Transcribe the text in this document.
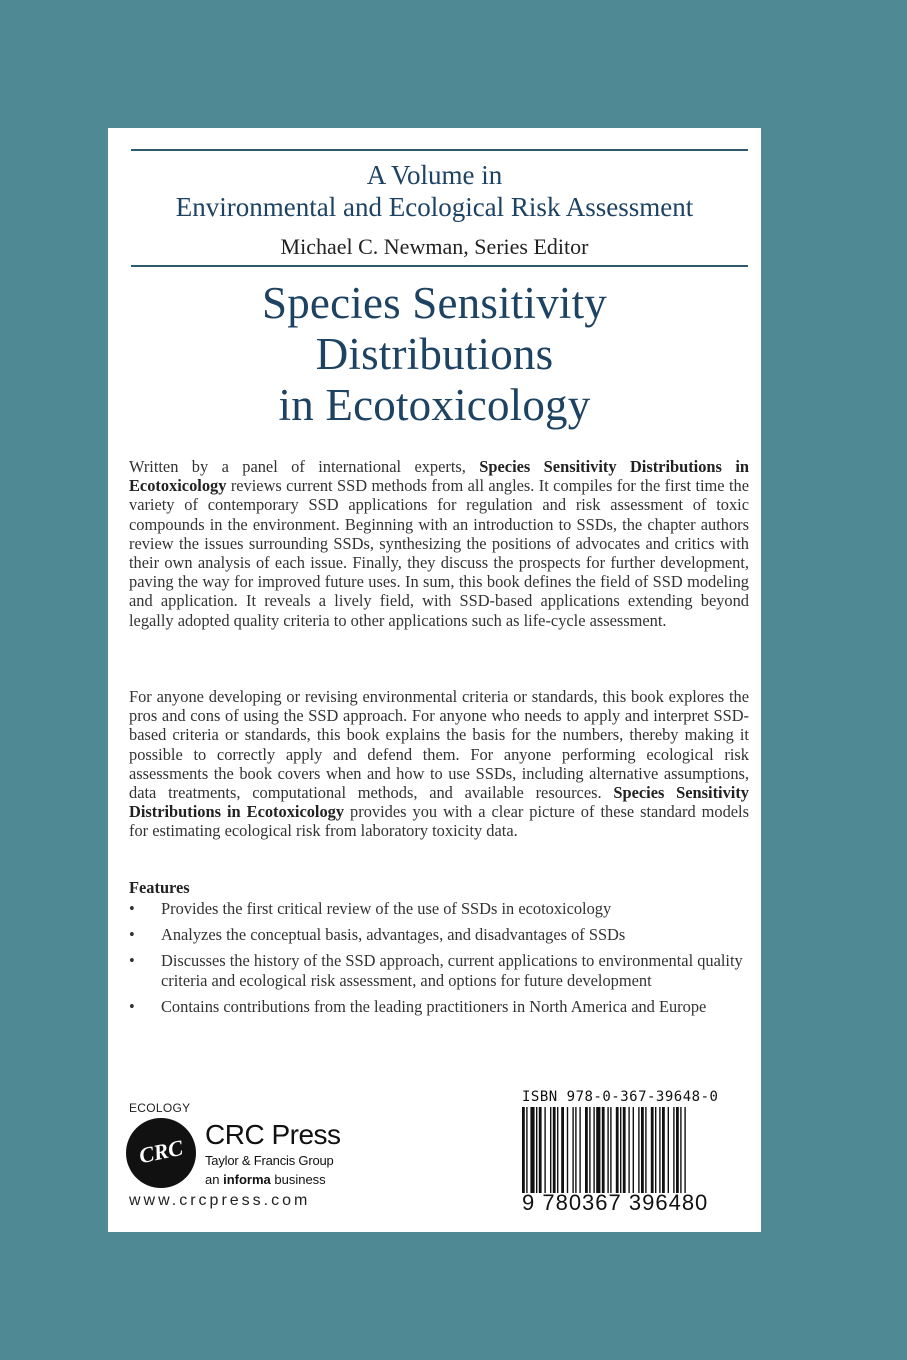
A Volume in
Environmental and Ecological Risk Assessment
Michael C. Newman, Series Editor
Species Sensitivity
Distributions
in Ecotoxicology
Written by a panel of international experts, Species Sensitivity Distributions in Ecotoxicology reviews current SSD methods from all angles. It compiles for the first time the variety of contemporary SSD applications for regulation and risk assessment of toxic compounds in the environment. Beginning with an introduction to SSDs, the chapter authors review the issues surrounding SSDs, synthesizing the positions of advocates and critics with their own analysis of each issue. Finally, they discuss the prospects for further development, paving the way for improved future uses. In sum, this book defines the field of SSD modeling and application. It reveals a lively field, with SSD-based applications extending beyond legally adopted quality criteria to other applications such as life-cycle assessment.
For anyone developing or revising environmental criteria or standards, this book explores the pros and cons of using the SSD approach. For anyone who needs to apply and interpret SSD-based criteria or standards, this book explains the basis for the numbers, thereby making it possible to correctly apply and defend them. For anyone performing ecological risk assessments the book covers when and how to use SSDs, including alternative assumptions, data treatments, computational methods, and available resources. Species Sensitivity Distributions in Ecotoxicology provides you with a clear picture of these standard models for estimating ecological risk from laboratory toxicity data.
Features
• Provides the first critical review of the use of SSDs in ecotoxicology
• Analyzes the conceptual basis, advantages, and disadvantages of SSDs
• Discusses the history of the SSD approach, current applications to environmental quality criteria and ecological risk assessment, and options for future development
• Contains contributions from the leading practitioners in North America and Europe
ECOLOGY
CRC
CRC Press
Taylor & Francis Group
an informa business
www.crcpress.com
ISBN 978-0-367-39648-0
9 780367 396480
